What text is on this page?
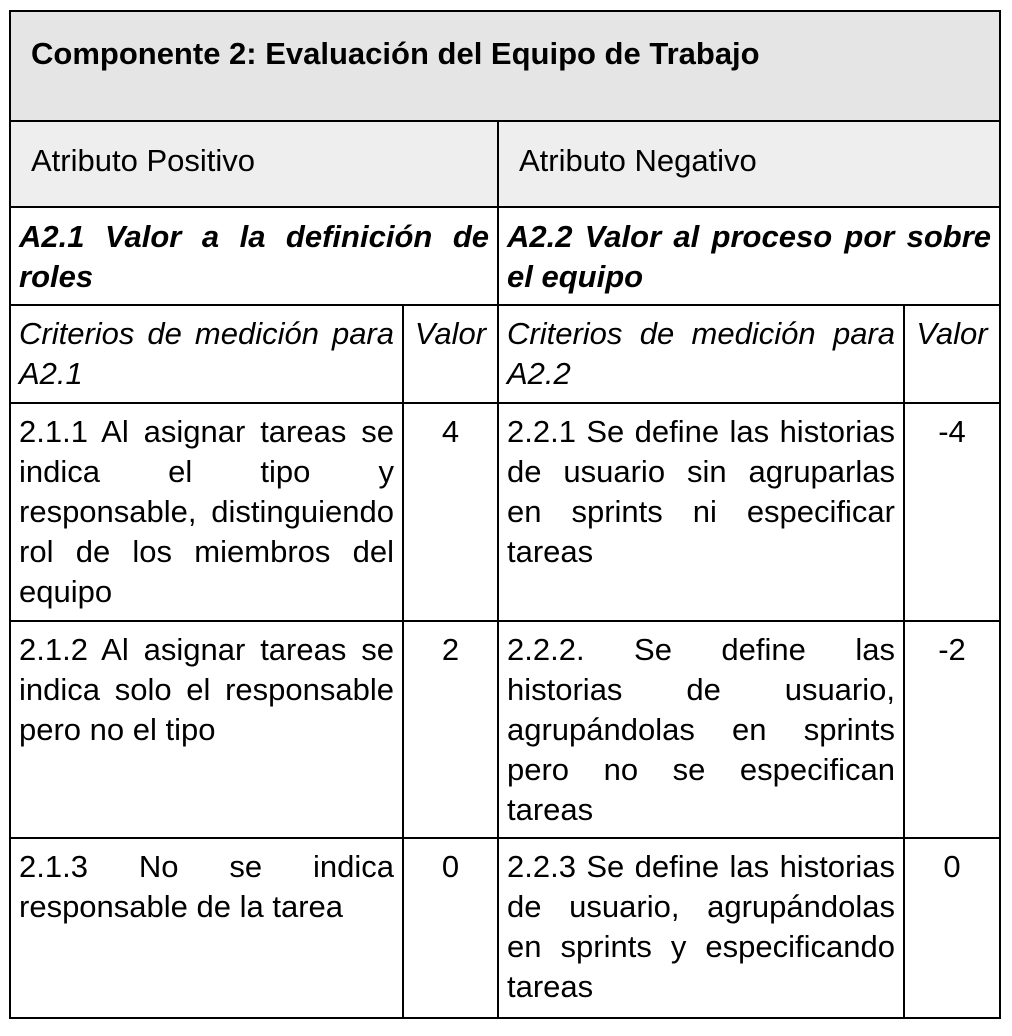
Componente 2: Evaluación del Equipo de Trabajo			

Atributo Positivo		Atributo Negativo	

A2.1 Valor a la definición de roles		A2.2 Valor al proceso por sobre el equipo	

Criterios de medición para A2.1	Valor	Criterios de medición para A2.2	Valor

2.1.1 Al asignar tareas se indica el tipo y responsable, distinguiendo rol de los miembros del equipo	4	2.2.1 Se define las historias de usuario sin agruparlas en sprints ni especificar tareas	-4

2.1.2 Al asignar tareas se indica solo el responsable pero no el tipo	2	2.2.2. Se define las historias de usuario, agrupándolas en sprints pero no se especifican tareas	-2

2.1.3 No se indica responsable de la tarea	0	2.2.3 Se define las historias de usuario, agrupándolas en sprints y especificando tareas	0
